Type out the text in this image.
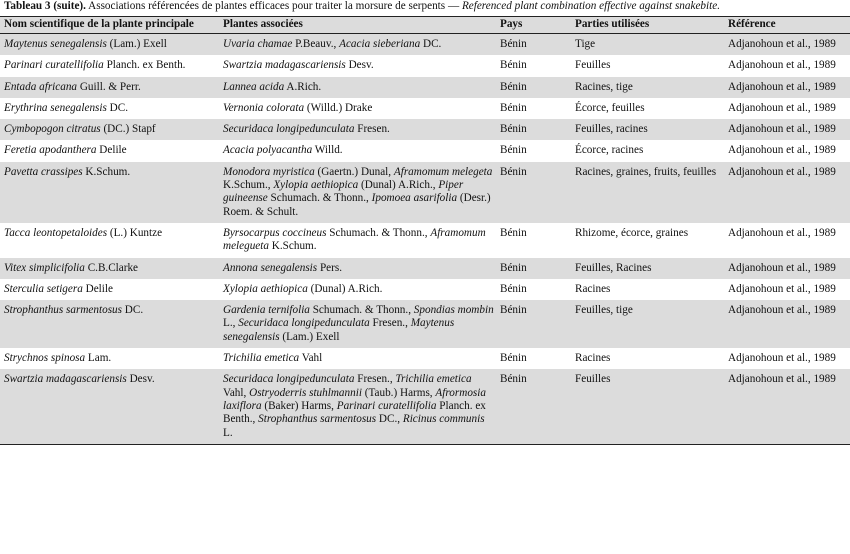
Tableau 3 (suite). Associations référencées de plantes efficaces pour traiter la morsure de serpents — Referenced plant combination effective against snakebite.
Nom scientifique de la plante principale	Plantes associées	Pays	Parties utilisées	Référence
Maytenus senegalensis (Lam.) Exell	Uvaria chamae P.Beauv., Acacia sieberiana DC.	Bénin	Tige	Adjanohoun et al., 1989
Parinari curatellifolia Planch. ex Benth.	Swartzia madagascariensis Desv.	Bénin	Feuilles	Adjanohoun et al., 1989
Entada africana Guill. & Perr.	Lannea acida A.Rich.	Bénin	Racines, tige	Adjanohoun et al., 1989
Erythrina senegalensis DC.	Vernonia colorata (Willd.) Drake	Bénin	Écorce, feuilles	Adjanohoun et al., 1989
Cymbopogon citratus (DC.) Stapf	Securidaca longipedunculata Fresen.	Bénin	Feuilles, racines	Adjanohoun et al., 1989
Feretia apodanthera Delile	Acacia polyacantha Willd.	Bénin	Écorce, racines	Adjanohoun et al., 1989
Pavetta crassipes K.Schum.	Monodora myristica (Gaertn.) Dunal, Aframomum melegeta K.Schum., Xylopia aethiopica (Dunal) A.Rich., Piper guineense Schumach. & Thonn., Ipomoea asarifolia (Desr.) Roem. & Schult.	Bénin	Racines, graines, fruits, feuilles	Adjanohoun et al., 1989
Tacca leontopetaloides (L.) Kuntze	Byrsocarpus coccineus Schumach. & Thonn., Aframomum melegueta K.Schum.	Bénin	Rhizome, écorce, graines	Adjanohoun et al., 1989
Vitex simplicifolia C.B.Clarke	Annona senegalensis Pers.	Bénin	Feuilles, Racines	Adjanohoun et al., 1989
Sterculia setigera Delile	Xylopia aethiopica (Dunal) A.Rich.	Bénin	Racines	Adjanohoun et al., 1989
Strophanthus sarmentosus DC.	Gardenia ternifolia Schumach. & Thonn., Spondias mombin L., Securidaca longipedunculata Fresen., Maytenus senegalensis (Lam.) Exell	Bénin	Feuilles, tige	Adjanohoun et al., 1989
Strychnos spinosa Lam.	Trichilia emetica Vahl	Bénin	Racines	Adjanohoun et al., 1989
Swartzia madagascariensis Desv.	Securidaca longipedunculata Fresen., Trichilia emetica Vahl, Ostryoderris stuhlmannii (Taub.) Harms, Afrormosia laxiflora (Baker) Harms, Parinari curatellifolia Planch. ex Benth., Strophanthus sarmentosus DC., Ricinus communis L.	Bénin	Feuilles	Adjanohoun et al., 1989
